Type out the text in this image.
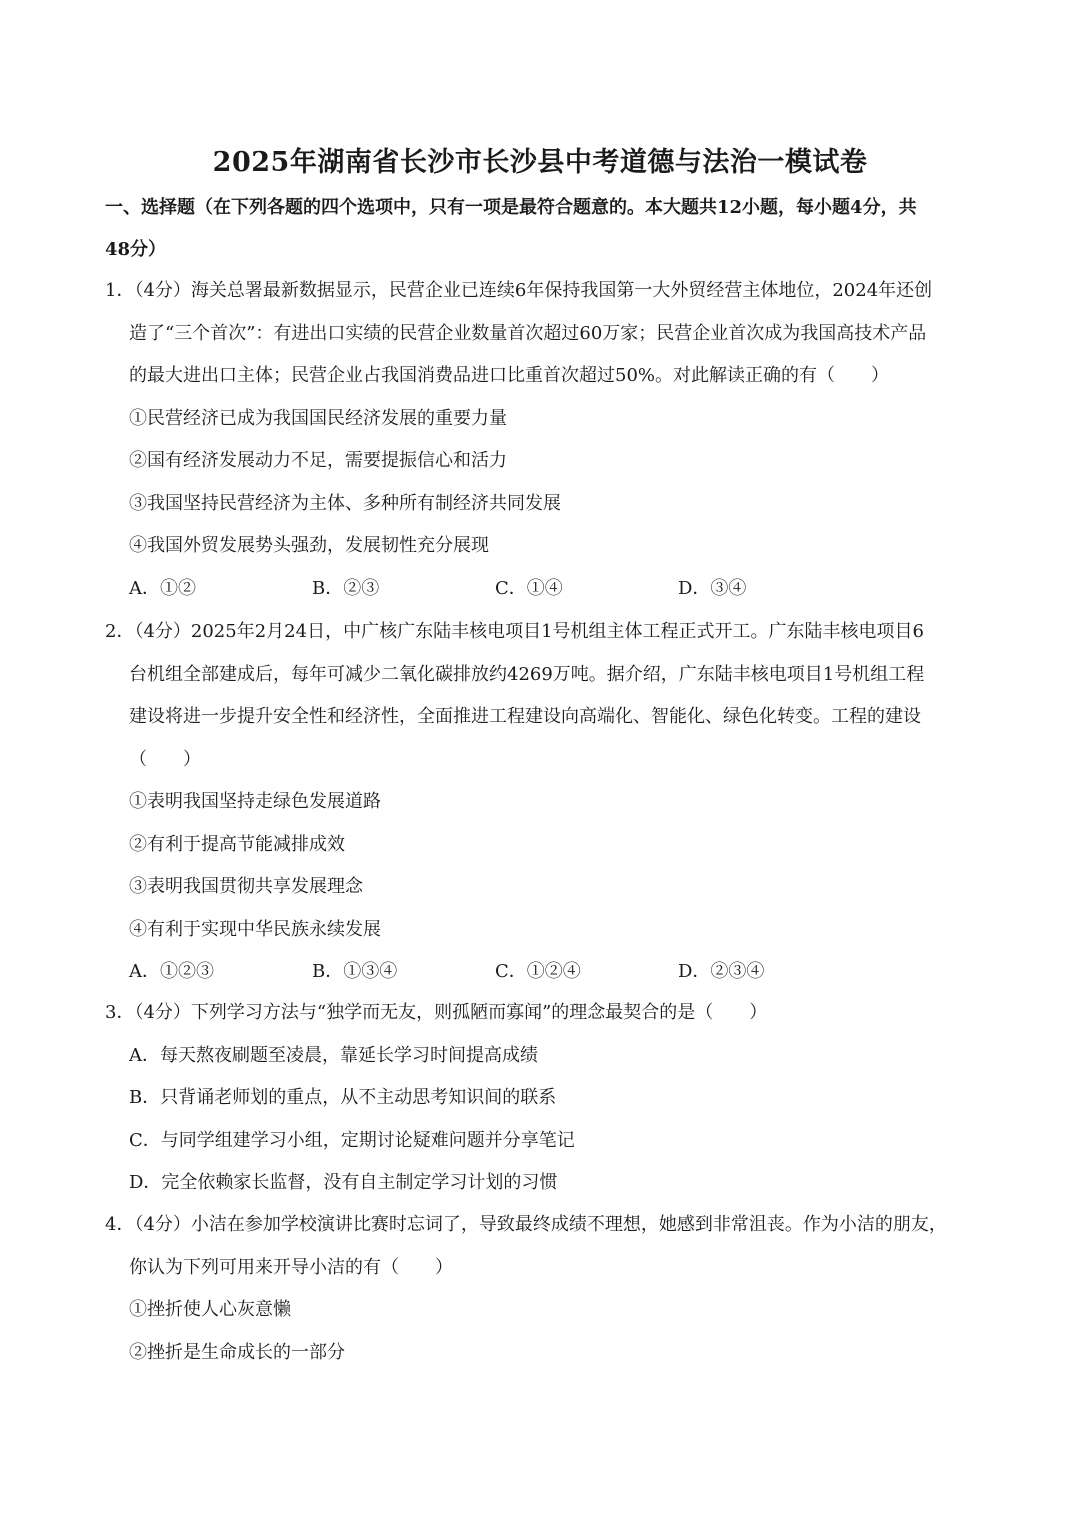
2025年湖南省长沙市长沙县中考道德与法治一模试卷
一、选择题（在下列各题的四个选项中，只有一项是最符合题意的。本大题共12小题，每小题4分，共
48分）
1．（4分）海关总署最新数据显示，民营企业已连续6年保持我国第一大外贸经营主体地位，2024年还创
造了“三个首次”：有进出口实绩的民营企业数量首次超过60万家；民营企业首次成为我国高技术产品
的最大进出口主体；民营企业占我国消费品进口比重首次超过50%。对此解读正确的有（　　）
①民营经济已成为我国国民经济发展的重要力量
②国有经济发展动力不足，需要提振信心和活力
③我国坚持民营经济为主体、多种所有制经济共同发展
④我国外贸发展势头强劲，发展韧性充分展现
A．①②	B．②③	C．①④	D．③④
2．（4分）2025年2月24日，中广核广东陆丰核电项目1号机组主体工程正式开工。广东陆丰核电项目6
台机组全部建成后，每年可减少二氧化碳排放约4269万吨。据介绍，广东陆丰核电项目1号机组工程
建设将进一步提升安全性和经济性，全面推进工程建设向高端化、智能化、绿色化转变。工程的建设
（　　）
①表明我国坚持走绿色发展道路
②有利于提高节能减排成效
③表明我国贯彻共享发展理念
④有利于实现中华民族永续发展
A．①②③	B．①③④	C．①②④	D．②③④
3．（4分）下列学习方法与“独学而无友，则孤陋而寡闻”的理念最契合的是（　　）
A．每天熬夜刷题至凌晨，靠延长学习时间提高成绩
B．只背诵老师划的重点，从不主动思考知识间的联系
C．与同学组建学习小组，定期讨论疑难问题并分享笔记
D．完全依赖家长监督，没有自主制定学习计划的习惯
4．（4分）小洁在参加学校演讲比赛时忘词了，导致最终成绩不理想，她感到非常沮丧。作为小洁的朋友，
你认为下列可用来开导小洁的有（　　）
①挫折使人心灰意懒
②挫折是生命成长的一部分
